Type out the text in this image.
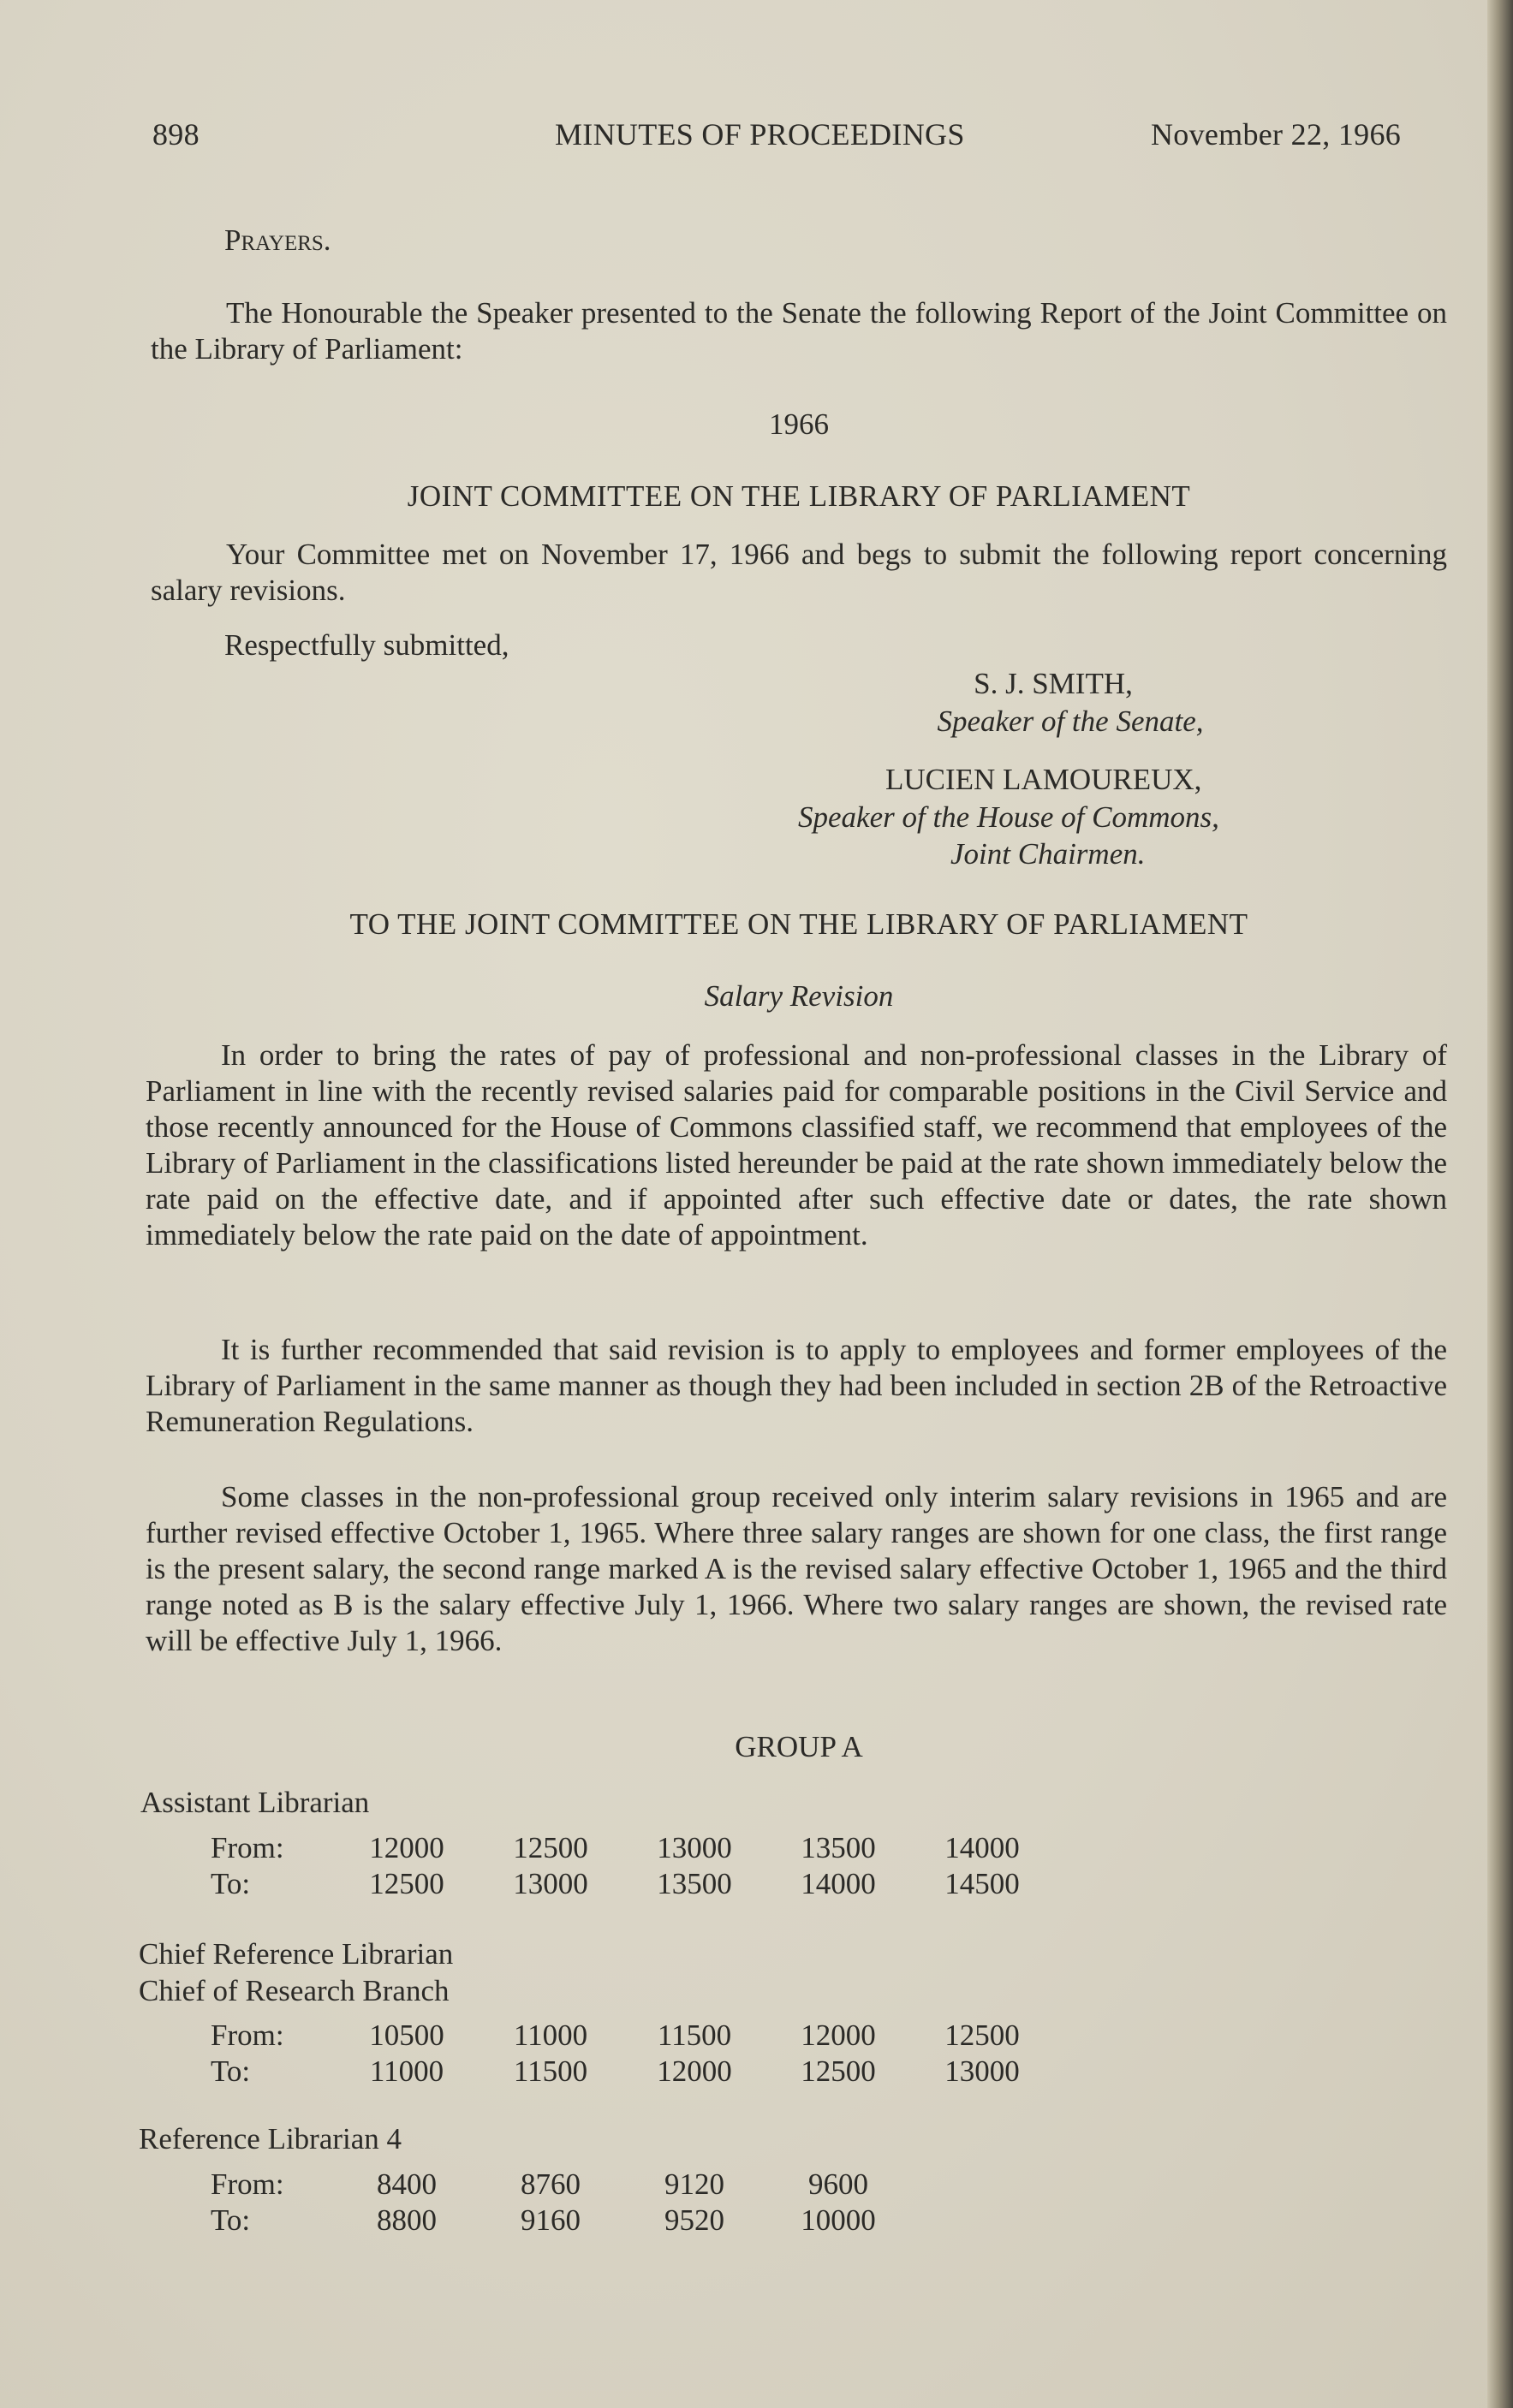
898	MINUTES OF PROCEEDINGS	November 22, 1966
Prayers.
The Honourable the Speaker presented to the Senate the following Report of the Joint Committee on the Library of Parliament:
1966
JOINT COMMITTEE ON THE LIBRARY OF PARLIAMENT
Your Committee met on November 17, 1966 and begs to submit the following report concerning salary revisions.
Respectfully submitted,
S. J. SMITH,
Speaker of the Senate,
LUCIEN LAMOUREUX,
Speaker of the House of Commons,
Joint Chairmen.
TO THE JOINT COMMITTEE ON THE LIBRARY OF PARLIAMENT
Salary Revision
In order to bring the rates of pay of professional and non-professional classes in the Library of Parliament in line with the recently revised salaries paid for comparable positions in the Civil Service and those recently announced for the House of Commons classified staff, we recommend that employees of the Library of Parliament in the classifications listed hereunder be paid at the rate shown immediately below the rate paid on the effective date, and if appointed after such effective date or dates, the rate shown immediately below the rate paid on the date of appointment.
It is further recommended that said revision is to apply to employees and former employees of the Library of Parliament in the same manner as though they had been included in section 2B of the Retroactive Remuneration Regulations.
Some classes in the non-professional group received only interim salary revisions in 1965 and are further revised effective October 1, 1965. Where three salary ranges are shown for one class, the first range is the present salary, the second range marked A is the revised salary effective October 1, 1965 and the third range noted as B is the salary effective July 1, 1966. Where two salary ranges are shown, the revised rate will be effective July 1, 1966.
GROUP A
Assistant Librarian
From:	12000	12500	13000	13500	14000
To:	12500	13000	13500	14000	14500
Chief Reference Librarian
Chief of Research Branch
From:	10500	11000	11500	12000	12500
To:	11000	11500	12000	12500	13000
Reference Librarian 4
From:	8400	8760	9120	9600
To:	8800	9160	9520	10000
